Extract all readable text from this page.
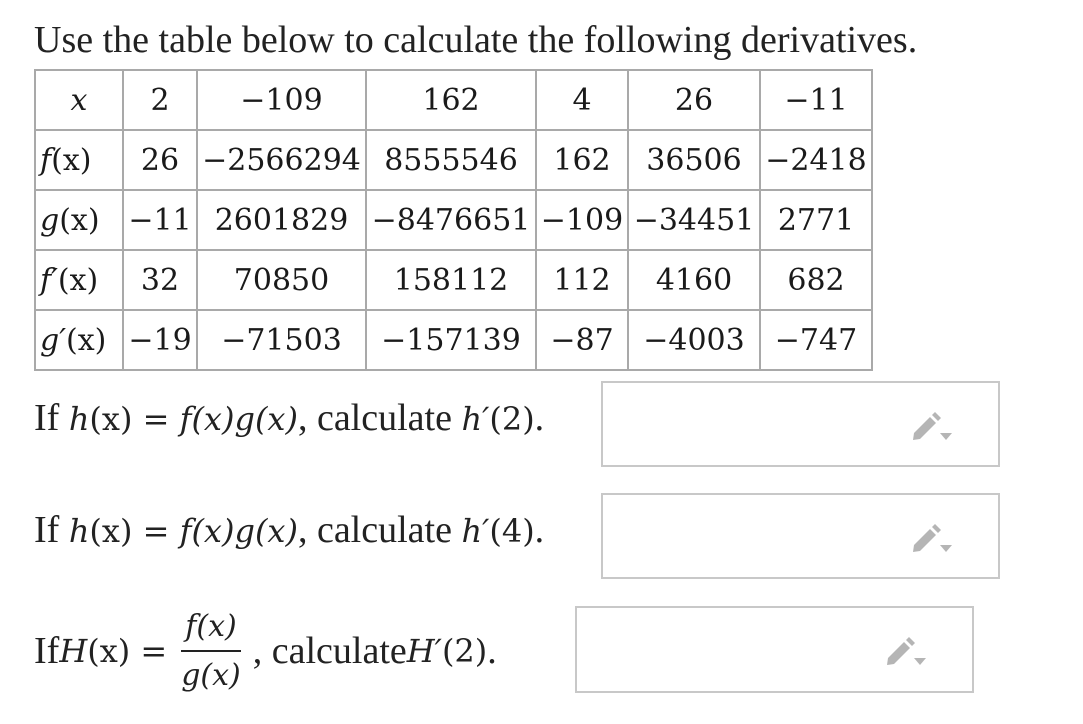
Use the table below to calculate the following derivatives.
x	2	−109	162	4	26	−11
f(x)	26	−2566294	8555546	162	36506	−2418
g(x)	−11	2601829	−8476651	−109	−34451	2771
f′(x)	32	70850	158112	112	4160	682
g′(x)	−19	−71503	−157139	−87	−4003	−747
If h(x) = f(x)g(x), calculate h′(2).
If h(x) = f(x)g(x), calculate h′(4).
If $H(x) = \frac{f(x)}{g(x)}$ , calculate H′(2) .
